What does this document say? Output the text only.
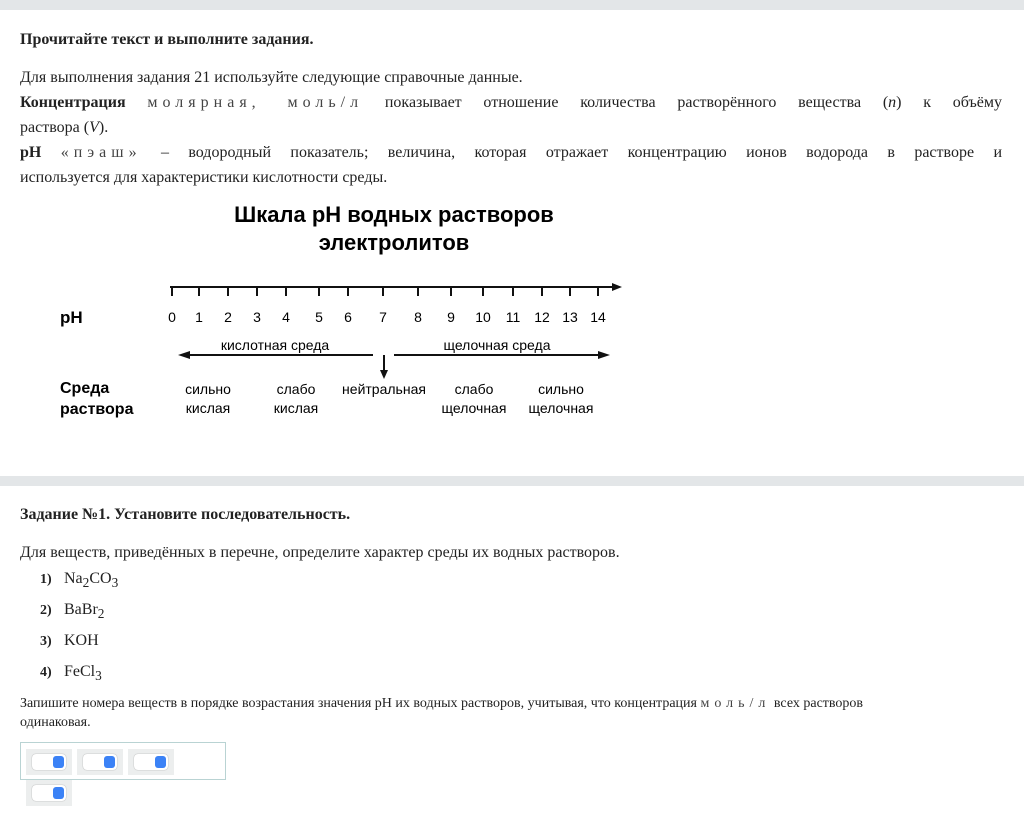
Прочитайте текст и выполните задания.
Для выполнения задания 21 используйте следующие справочные данные.
Концентрация молярная, моль/л показывает отношение количества растворённого вещества (n) к объёму
раствора (V).
pH «пэаш» – водородный показатель; величина, которая отражает концентрацию ионов водорода в растворе и
используется для характеристики кислотности среды.
Шкала pH водных растворов
электролитов
0 1 2 3 4 5 6 7 8 9 10 11 12 13 14
pH
кислотная среда	щелочная среда
Среда
раствора
сильно
кислая
слабо
кислая
нейтральная слабо
щелочная
сильно
щелочная
Задание №1. Установите последовательность.
Для веществ, приведённых в перечне, определите характер среды их водных растворов.
1) $Na_2CO_3$
2) BaBr$_2$
3) KOH
4) FeCl$_3$
Запишите номера веществ в порядке возрастания значения pH их водных растворов, учитывая, что концентрация моль/л всех растворов
одинаковая.
